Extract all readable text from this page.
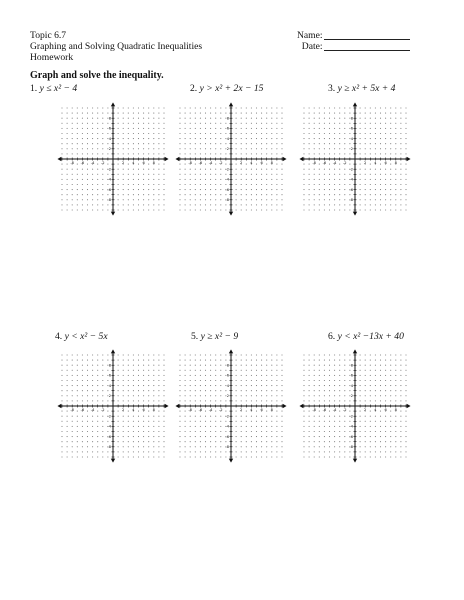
Topic 6.7
Graphing and Solving Quadratic Inequalities
Homework
Name:
Date:
Graph and solve the inequality.
1. y ≤ x² − 4	2. y > x² + 2x − 15	3. y ≥ x² + 5x + 4
4. y < x² − 5x	5. y ≥ x² − 9	6. y < x² −13x + 40
-8 -6 -4 -2	2 4 6 8
8
6
4
2
-2
-4
-6
-8
-8 -6 -4 -2	2 4 6 8
8
6
4
2
-2
-4
-6
-8
-8 -6 -4 -2	2 4 6 8
8
6
4
2
-2
-4
-6
-8
-8 -6 -4 -2	2 4 6 8
8
6
4
2
-2
-4
-6
-8
-8 -6 -4 -2	2 4 6 8
8
6
4
2
-2
-4
-6
-8
-8 -6 -4 -2	2 4 6 8
8
6
4
2
-2
-4
-6
-8
